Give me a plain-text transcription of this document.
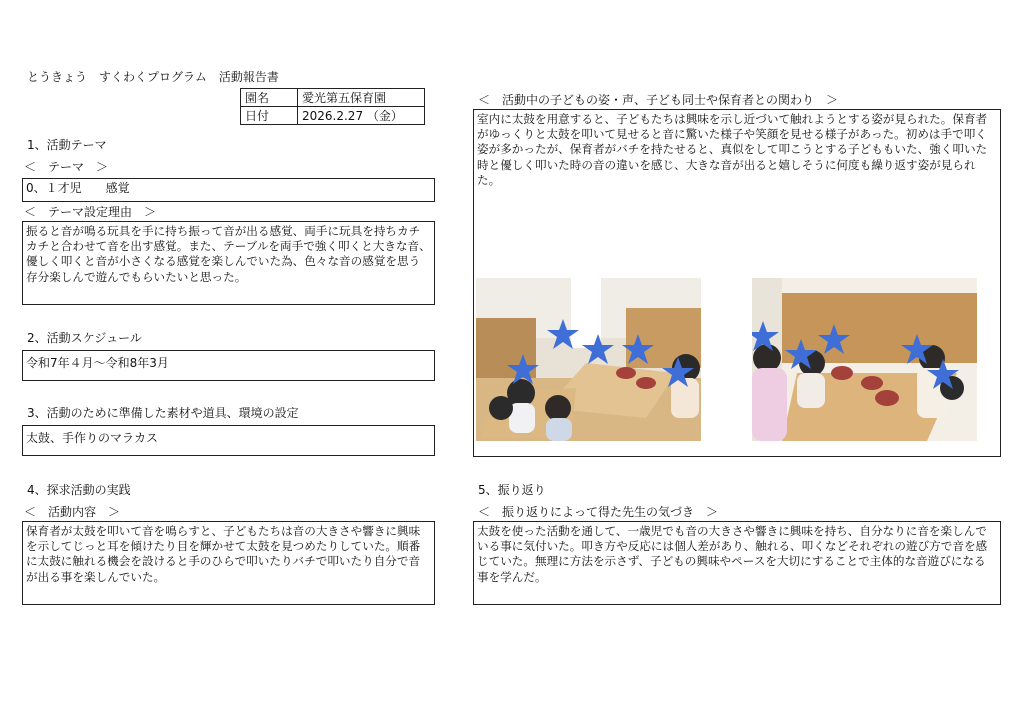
とうきょう　すくわくプログラム　活動報告書
園名	愛光第五保育園
日付	2026.2.27 （金）
1、活動テーマ
＜　テーマ　＞
0、１才児　　感覚
＜　テーマ設定理由　＞

振ると音が鳴る玩具を手に持ち振って音が出る感覚、両手に玩具を持ちカチカチと合わせて音を出す感覚。また、テーブルを両手で強く叩くと大きな音、優しく叩くと音が小さくなる感覚を楽しんでいた為、色々な音の感覚を思う存分楽しんで遊んでもらいたいと思った。

2、活動スケジュール
令和7年４月～令和8年3月
3、活動のために準備した素材や道具、環境の設定
太鼓、手作りのマラカス
4、探求活動の実践
＜　活動内容　＞

保育者が太鼓を叩いて音を鳴らすと、子どもたちは音の大きさや響きに興味を示してじっと耳を傾けたり目を輝かせて太鼓を見つめたりしていた。順番に太鼓に触れる機会を設けると手のひらで叩いたりバチで叩いたり自分で音が出る事を楽しんでいた。

＜　活動中の子どもの姿・声、子ども同士や保育者との関わり　＞

室内に太鼓を用意すると、子どもたちは興味を示し近づいて触れようとする姿が見られた。保育者がゆっくりと太鼓を叩いて見せると音に驚いた様子や笑顔を見せる様子があった。初めは手で叩く姿が多かったが、保育者がバチを持たせると、真似をして叩こうとする子どももいた、強く叩いた時と優しく叩いた時の音の違いを感じ、大きな音が出ると嬉しそうに何度も繰り返す姿が見られた。

5、振り返り
＜　振り返りによって得た先生の気づき　＞

太鼓を使った活動を通して、一歳児でも音の大きさや響きに興味を持ち、自分なりに音を楽しんでいる事に気付いた。叩き方や反応には個人差があり、触れる、叩くなどそれぞれの遊び方で音を感じていた。無理に方法を示さず、子どもの興味やペースを大切にすることで主体的な音遊びになる事を学んだ。
